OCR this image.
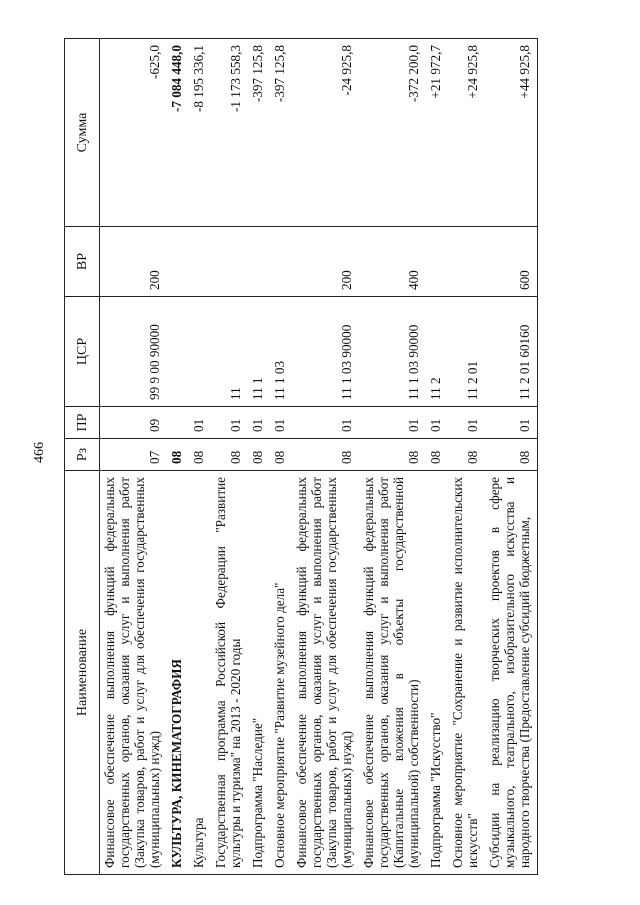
466
Наименование	Рз	ПР	ЦСР	ВР	Сумма
Финансовое обеспечение выполнения функций федеральных государственных органов, оказания услуг и выполнения работ (Закупка товаров, работ и услуг для обеспечения государственных (муниципальных) нужд)	07	09	99 9 00 90000	200	-625,0
КУЛЬТУРА, КИНЕМАТОГРАФИЯ	08				-7 084 448,0
Культура	08	01			-8 195 336,1
Государственная программа Российской Федерации "Развитие культуры и туризма" на 2013 - 2020 годы	08	01	11		-1 173 558,3
Подпрограмма "Наследие"	08	01	11 1		-397 125,8
Основное мероприятие "Развитие музейного дела"	08	01	11 1 03		-397 125,8
Финансовое обеспечение выполнения функций федеральных государственных органов, оказания услуг и выполнения работ (Закупка товаров, работ и услуг для обеспечения государственных (муниципальных) нужд)	08	01	11 1 03 90000	200	-24 925,8
Финансовое обеспечение выполнения функций федеральных государственных органов, оказания услуг и выполнения работ (Капитальные вложения в объекты государственной (муниципальной) собственности)	08	01	11 1 03 90000	400	-372 200,0
Подпрограмма "Искусство"	08	01	11 2		+21 972,7
Основное мероприятие "Сохранение и развитие исполнительских искусств"	08	01	11 2 01		+24 925,8
Субсидии на реализацию творческих проектов в сфере музыкального, театрального, изобразительного искусства и народного творчества (Предоставление субсидий бюджетным,	08	01	11 2 01 60160	600	+44 925,8
